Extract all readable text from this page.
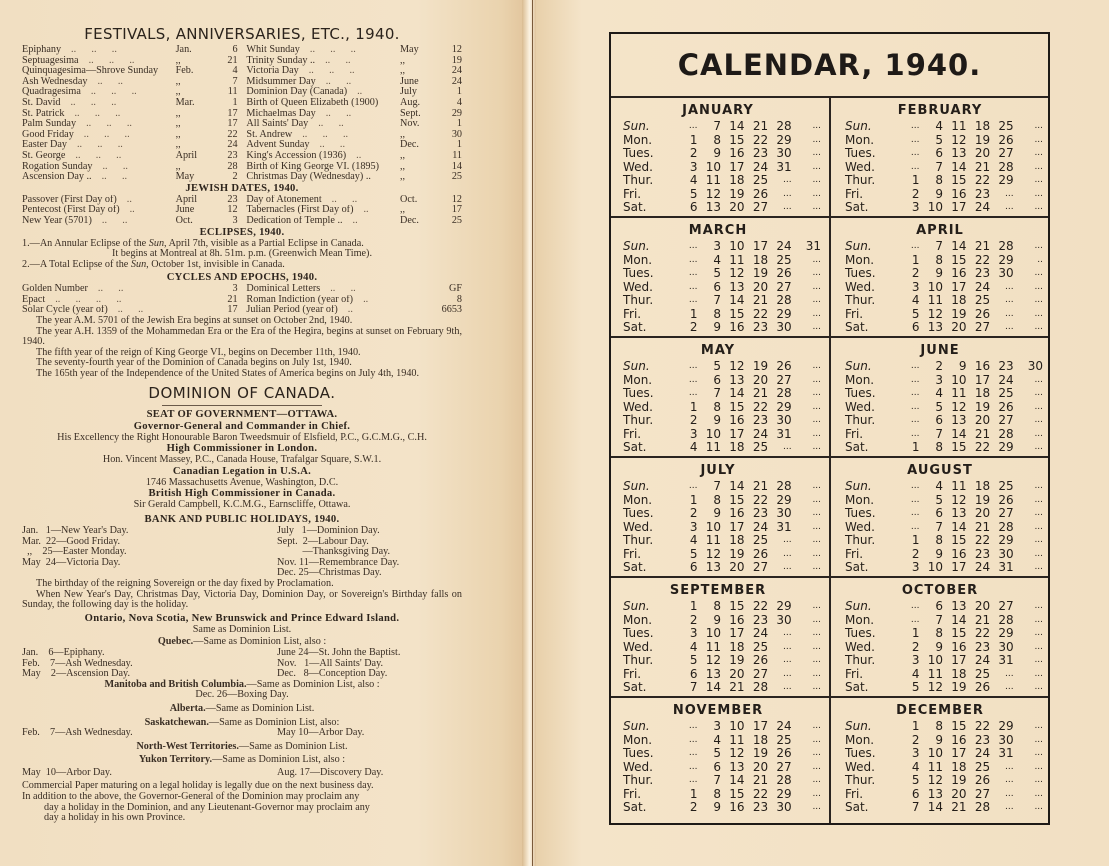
FESTIVALS, ANNIVERSARIES, ETC., 1940.
Epiphany ..      ..      ..	Jan.	6
Septuagesima ..      ..      ..	,,	21
Quinquagesima—Shrove Sunday	Feb.	4
Ash Wednesday ..      ..	,,	7
Quadragesima ..      ..      ..	,,	11
St. David ..      ..      ..	Mar.	1
St. Patrick ..      ..      ..	,,	17
Palm Sunday ..      ..      ..	,,	17
Good Friday ..      ..      ..	,,	22
Easter Day ..      ..      ..	,,	24
St. George ..      ..      ..	April	23
Rogation Sunday ..      ..	,,	28
Ascension Day .. ..      ..	May	2
Whit Sunday ..      ..      ..	May	12
Trinity Sunday .. ..      ..	,,	19
Victoria Day ..      ..      ..	,,	24
Midsummer Day ..      ..	June	24
Dominion Day (Canada) ..	July	1
Birth of Queen Elizabeth (1900)	Aug.	4
Michaelmas Day ..      ..	Sept.	29
All Saints' Day ..      ..	Nov.	1
St. Andrew ..      ..      ..	,,	30
Advent Sunday ..      ..	Dec.	1
King's Accession (1936) ..	,,	11
Birth of King George VI. (1895)	,,	14
Christmas Day (Wednesday) ..	,,	25
JEWISH DATES, 1940.
Passover (First Day of) ..	April	23
Pentecost (First Day of) ..	June	12
New Year (5701) ..      ..	Oct.	3
Day of Atonement ..      ..	Oct.	12
Tabernacles (First Day of) ..	,,	17
Dedication of Temple .. ..	Dec.	25
ECLIPSES, 1940.
1.—An Annular Eclipse of the Sun, April 7th, visible as a Partial Eclipse in Canada.
It begins at Montreal at 8h. 51m. p.m. (Greenwich Mean Time).
2.—A Total Eclipse of the Sun, October 1st, invisible in Canada.
CYCLES AND EPOCHS, 1940.
Golden Number ..      ..	3
Epact ..      ..      ..      ..	21
Solar Cycle (year of) ..      ..	17
Dominical Letters ..      ..	GF
Roman Indiction (year of) ..	8
Julian Period (year of) ..	6653
The year A.M. 5701 of the Jewish Era begins at sunset on October 2nd, 1940.
The year A.H. 1359 of the Mohammedan Era or the Era of the Hegira, begins at sunset on February 9th, 1940.
The fifth year of the reign of King George VI., begins on December 11th, 1940.
The seventy-fourth year of the Dominion of Canada begins on July 1st, 1940.
The 165th year of the Independence of the United States of America begins on July 4th, 1940.
DOMINION OF CANADA.
SEAT OF GOVERNMENT—OTTAWA.
Governor-General and Commander in Chief.
His Excellency the Right Honourable Baron Tweedsmuir of Elsfield, P.C., G.C.M.G., C.H.
High Commissioner in London.
Hon. Vincent Massey, P.C., Canada House, Trafalgar Square, S.W.1.
Canadian Legation in U.S.A.
1746 Massachusetts Avenue, Washington, D.C.
British High Commissioner in Canada.
Sir Gerald Campbell, K.C.M.G., Earnscliffe, Ottawa.
BANK AND PUBLIC HOLIDAYS, 1940.
Jan.   1—New Year's Day.	July   1—Dominion Day.
Mar.  22—Good Friday.	Sept.  2—Labour Day.
,,    25—Easter Monday.	—Thanksgiving Day.
May  24—Victoria Day.	Nov. 11—Remembrance Day.
Dec. 25—Christmas Day.
The birthday of the reigning Sovereign or the day fixed by Proclamation.
When New Year's Day, Christmas Day, Victoria Day, Dominion Day, or Sovereign's Birthday falls on Sunday, the following day is the holiday.
Ontario, Nova Scotia, New Brunswick and Prince Edward Island.
Same as Dominion List.
Quebec.—Same as Dominion List, also :
Jan.    6—Epiphany.	June 24—St. John the Baptist.
Feb.    7—Ash Wednesday.	Nov.   1—All Saints' Day.
May    2—Ascension Day.	Dec.   8—Conception Day.
Manitoba and British Columbia.—Same as Dominion List, also :
Dec. 26—Boxing Day.
Alberta.—Same as Dominion List.
Saskatchewan.—Same as Dominion List, also:
Feb.    7—Ash Wednesday.	May 10—Arbor Day.
North-West Territories.—Same as Dominion List.
Yukon Territory.—Same as Dominion List, also :
May  10—Arbor Day.	Aug. 17—Discovery Day.
Commercial Paper maturing on a legal holiday is legally due on the next business day.
In addition to the above, the Governor-General of the Dominion may proclaim any
day a holiday in the Dominion, and any Lieutenant-Governor may proclaim any
day a holiday in his own Province.
CALENDAR, 1940.
JANUARY
Sun.	...	7 14 21 28	...
Mon.	1	8 15 22 29	...
Tues.	2	9 16 23 30	...
Wed.	3 10 17 24 31	...
Thur.	4 11 18 25	...	...
Fri.	5 12 19 26	...	...
Sat.	6 13 20 27	...	...
FEBRUARY
Sun.	...	4 11 18 25	...
Mon.	...	5 12 19 26	...
Tues.	...	6 13 20 27	...
Wed.	...	7 14 21 28	...
Thur.	1	8 15 22 29	...
Fri.	2	9 16 23	...	...
Sat.	3 10 17 24	...	...
MARCH
Sun.	...	3 10 17 24	31
Mon.	...	4 11 18 25	...
Tues.	...	5 12 19 26	...
Wed.	...	6 13 20 27	...
Thur.	...	7 14 21 28	...
Fri.	1	8 15 22 29	...
Sat.	2	9 16 23 30	...
APRIL
Sun.	...	7 14 21 28	...
Mon.	1	8 15 22 29	..
Tues.	2	9 16 23 30	...
Wed.	3 10 17 24	...	...
Thur.	4 11 18 25	...	...
Fri.	5 12 19 26	...	...
Sat.	6 13 20 27	...	...
MAY
Sun.	...	5 12 19 26	...
Mon.	...	6 13 20 27	...
Tues.	...	7 14 21 28	...
Wed.	1	8 15 22 29	...
Thur.	2	9 16 23 30	...
Fri.	3 10 17 24 31	...
Sat.	4 11 18 25	...	...
JUNE
Sun.	...	2	9 16 23	30
Mon.	...	3 10 17 24	...
Tues.	...	4 11 18 25	...
Wed.	...	5 12 19 26	...
Thur.	...	6 13 20 27	...
Fri.	...	7 14 21 28	...
Sat.	1	8 15 22 29	...
JULY
Sun.	...	7 14 21 28	...
Mon.	1	8 15 22 29	...
Tues.	2	9 16 23 30	...
Wed.	3 10 17 24 31	...
Thur.	4 11 18 25	...	...
Fri.	5 12 19 26	...	...
Sat.	6 13 20 27	...	...
AUGUST
Sun.	...	4 11 18 25	...
Mon.	...	5 12 19 26	...
Tues.	...	6 13 20 27	...
Wed.	...	7 14 21 28	...
Thur.	1	8 15 22 29	...
Fri.	2	9 16 23 30	...
Sat.	3 10 17 24 31	...
SEPTEMBER
Sun.	1	8 15 22 29	...
Mon.	2	9 16 23 30	...
Tues.	3 10 17 24	...	...
Wed.	4 11 18 25	...	...
Thur.	5 12 19 26	...	...
Fri.	6 13 20 27	...	...
Sat.	7 14 21 28	...	...
OCTOBER
Sun.	...	6 13 20 27	...
Mon.	...	7 14 21 28	...
Tues.	1	8 15 22 29	...
Wed.	2	9 16 23 30	...
Thur.	3 10 17 24 31	...
Fri.	4 11 18 25	...	...
Sat.	5 12 19 26	...	...
NOVEMBER
Sun.	...	3 10 17 24	...
Mon.	...	4 11 18 25	...
Tues.	...	5 12 19 26	...
Wed.	...	6 13 20 27	...
Thur.	...	7 14 21 28	...
Fri.	1	8 15 22 29	...
Sat.	2	9 16 23 30	...
DECEMBER
Sun.	1	8 15 22 29	...
Mon.	2	9 16 23 30	...
Tues.	3 10 17 24 31	...
Wed.	4 11 18 25	...	...
Thur.	5 12 19 26	...	...
Fri.	6 13 20 27	...	...
Sat.	7 14 21 28	...	...
